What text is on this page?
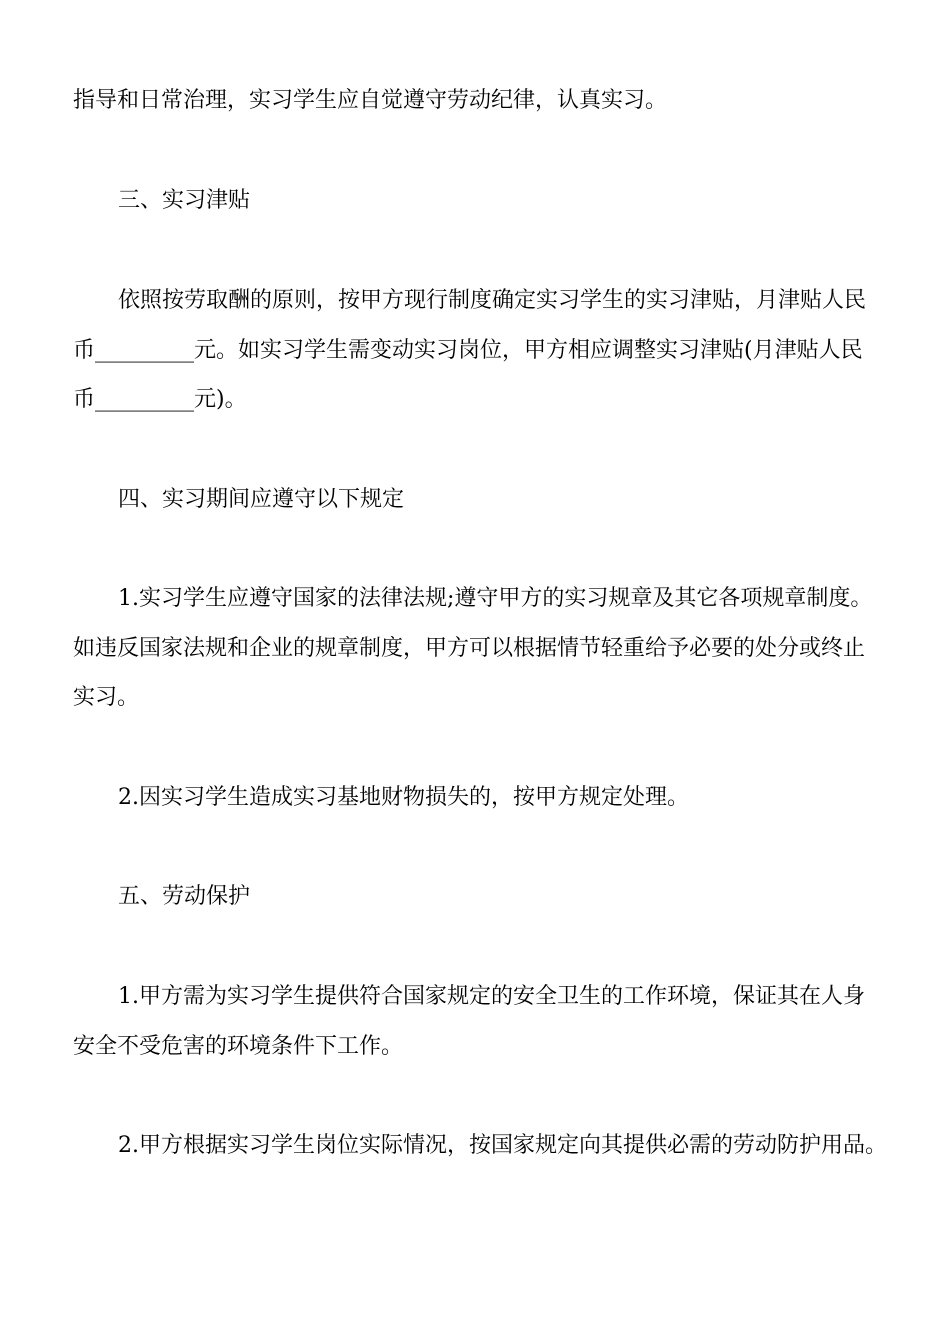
指导和日常治理，实习学生应自觉遵守劳动纪律，认真实习。
三、实习津贴
依照按劳取酬的原则，按甲方现行制度确定实习学生的实习津贴，月津贴人民
币_________元。如实习学生需变动实习岗位，甲方相应调整实习津贴(月津贴人民
币_________元)。
四、实习期间应遵守以下规定
1.实习学生应遵守国家的法律法规;遵守甲方的实习规章及其它各项规章制度。
如违反国家法规和企业的规章制度，甲方可以根据情节轻重给予必要的处分或终止
实习。
2.因实习学生造成实习基地财物损失的，按甲方规定处理。
五、劳动保护
1.甲方需为实习学生提供符合国家规定的安全卫生的工作环境，保证其在人身
安全不受危害的环境条件下工作。
2.甲方根据实习学生岗位实际情况，按国家规定向其提供必需的劳动防护用品。
